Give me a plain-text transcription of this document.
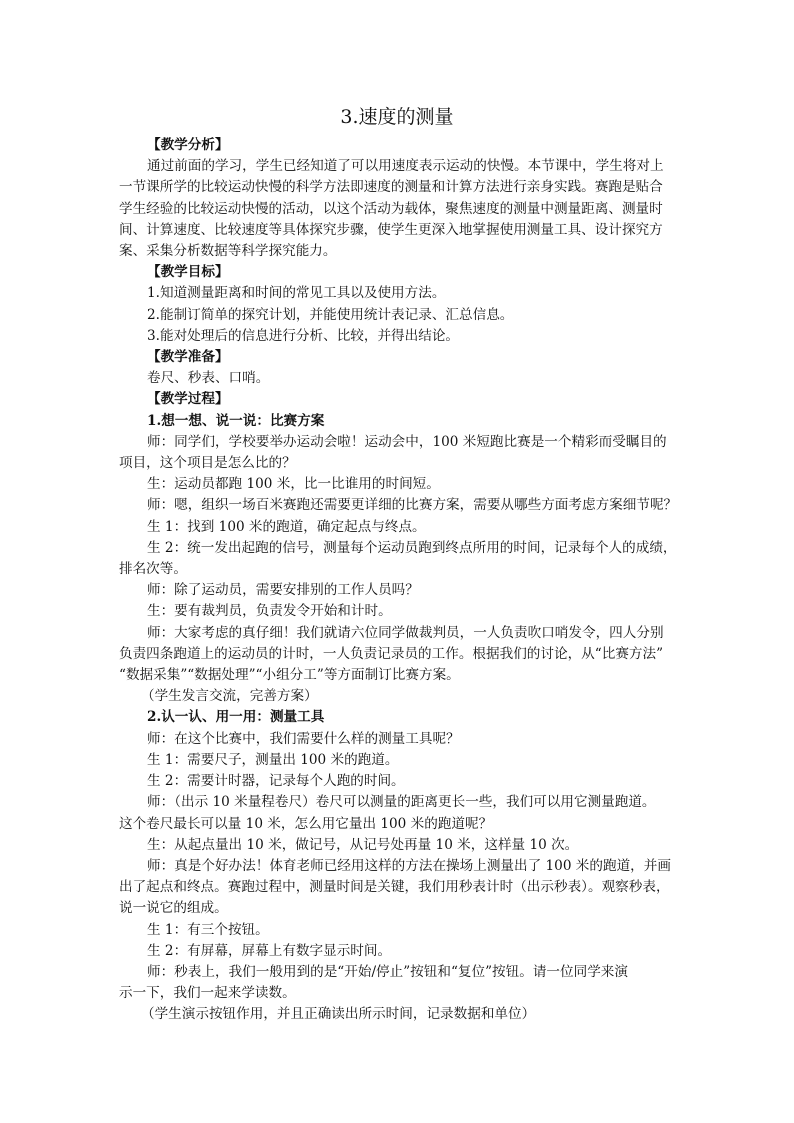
3.速度的测量

【教学分析】

通过前面的学习，学生已经知道了可以用速度表示运动的快慢。本节课中，学生将对上

一节课所学的比较运动快慢的科学方法即速度的测量和计算方法进行亲身实践。赛跑是贴合

学生经验的比较运动快慢的活动，以这个活动为载体，聚焦速度的测量中测量距离、测量时

间、计算速度、比较速度等具体探究步骤，使学生更深入地掌握使用测量工具、设计探究方

案、采集分析数据等科学探究能力。

【教学目标】

1.知道测量距离和时间的常见工具以及使用方法。

2.能制订简单的探究计划，并能使用统计表记录、汇总信息。

3.能对处理后的信息进行分析、比较，并得出结论。

【教学准备】

卷尺、秒表、口哨。

【教学过程】

1.想一想、说一说：比赛方案

师：同学们，学校要举办运动会啦！运动会中，100 米短跑比赛是一个精彩而受瞩目的

项目，这个项目是怎么比的？

生：运动员都跑 100 米，比一比谁用的时间短。

师：嗯，组织一场百米赛跑还需要更详细的比赛方案，需要从哪些方面考虑方案细节呢？

生 1：找到 100 米的跑道，确定起点与终点。

生 2：统一发出起跑的信号，测量每个运动员跑到终点所用的时间，记录每个人的成绩，

排名次等。

师：除了运动员，需要安排别的工作人员吗？

生：要有裁判员，负责发令开始和计时。

师：大家考虑的真仔细！我们就请六位同学做裁判员，一人负责吹口哨发令，四人分别

负责四条跑道上的运动员的计时，一人负责记录员的工作。根据我们的讨论，从“比赛方法”

“数据采集”“数据处理”“小组分工”等方面制订比赛方案。

（学生发言交流，完善方案）

2.认一认、用一用：测量工具

师：在这个比赛中，我们需要什么样的测量工具呢？

生 1：需要尺子，测量出 100 米的跑道。

生 2：需要计时器，记录每个人跑的时间。

师：（出示 10 米量程卷尺）卷尺可以测量的距离更长一些，我们可以用它测量跑道。

这个卷尺最长可以量 10 米，怎么用它量出 100 米的跑道呢？

生：从起点量出 10 米，做记号，从记号处再量 10 米，这样量 10 次。

师：真是个好办法！体育老师已经用这样的方法在操场上测量出了 100 米的跑道，并画

出了起点和终点。赛跑过程中，测量时间是关键，我们用秒表计时（出示秒表）。观察秒表，

说一说它的组成。

生 1：有三个按钮。

生 2：有屏幕，屏幕上有数字显示时间。

师：秒表上，我们一般用到的是“开始/停止”按钮和“复位”按钮。请一位同学来演

示一下，我们一起来学读数。

（学生演示按钮作用，并且正确读出所示时间，记录数据和单位）
